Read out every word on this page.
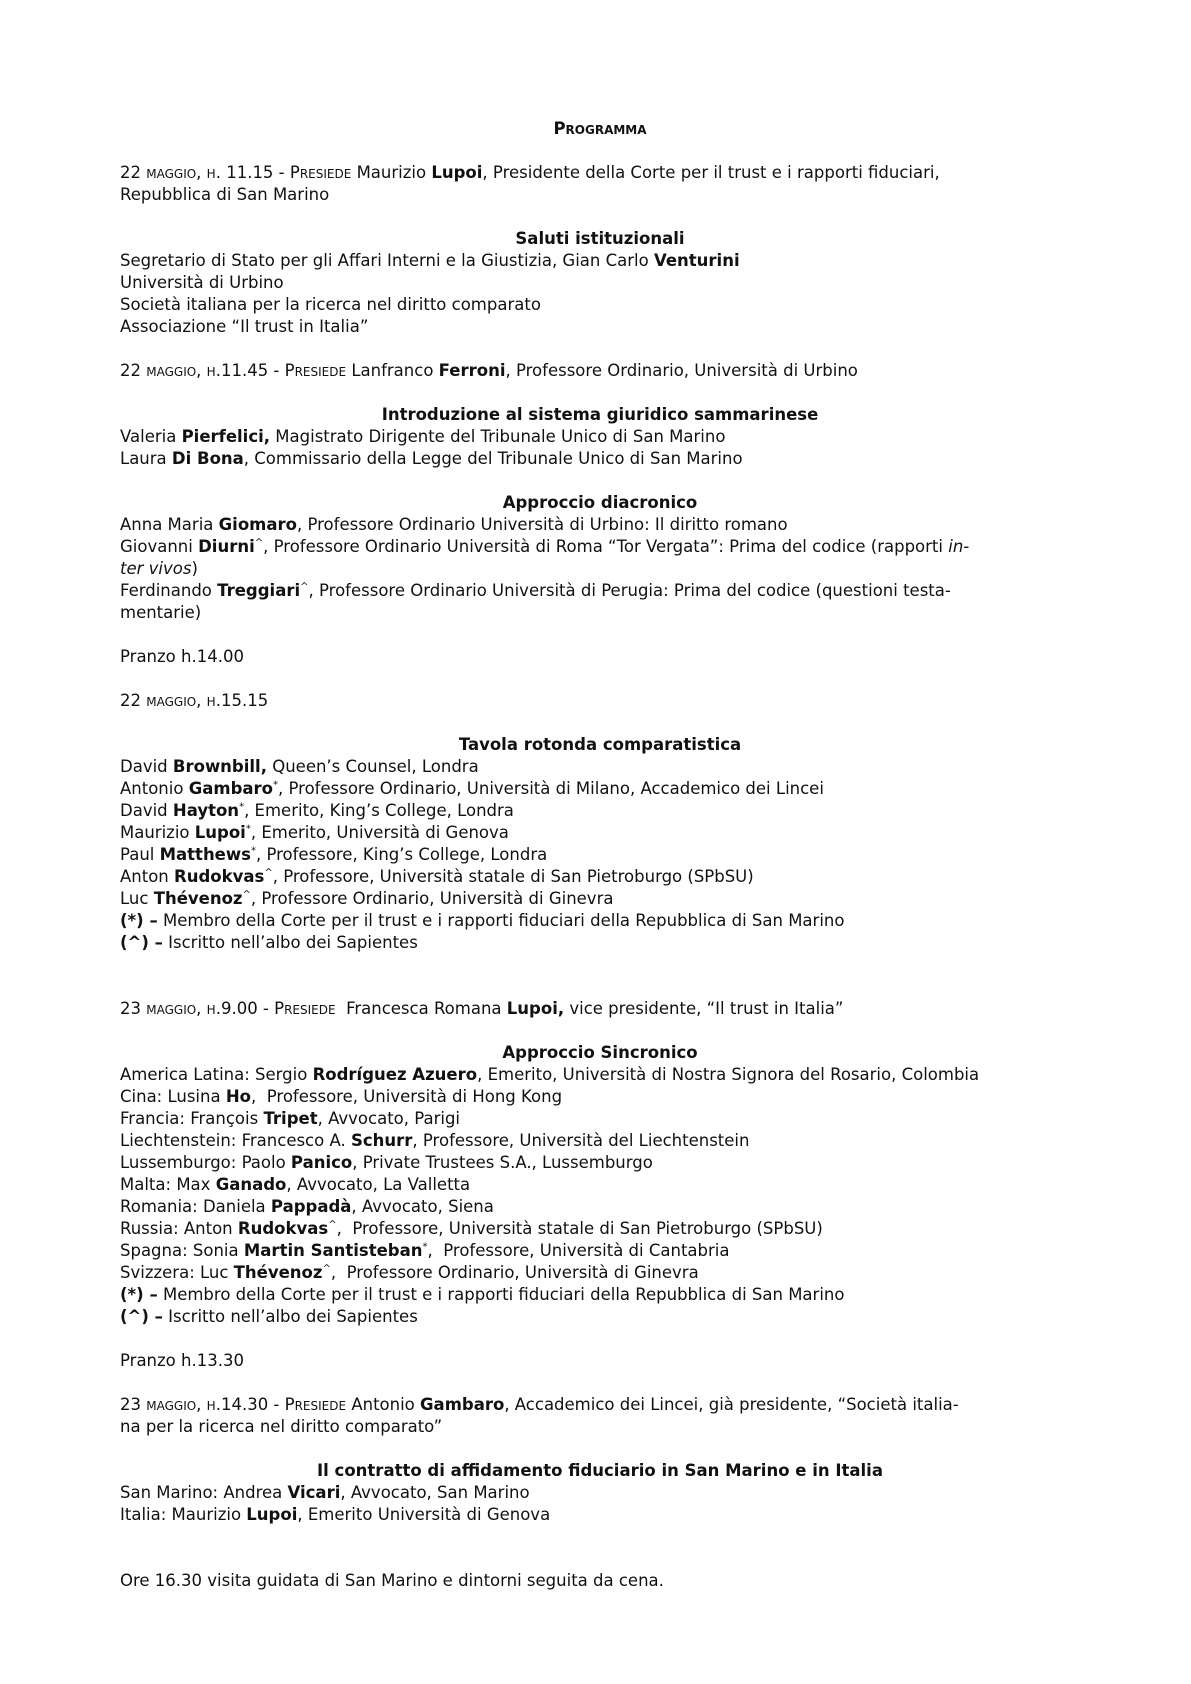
Programma
22 maggio, h. 11.15 - Presiede Maurizio Lupoi, Presidente della Corte per il trust e i rapporti fiduciari,
Repubblica di San Marino
Saluti istituzionali
Segretario di Stato per gli Affari Interni e la Giustizia, Gian Carlo Venturini
Università di Urbino
Società italiana per la ricerca nel diritto comparato
Associazione “Il trust in Italia”
22 maggio, h.11.45 - Presiede Lanfranco Ferroni, Professore Ordinario, Università di Urbino
Introduzione al sistema giuridico sammarinese
Valeria Pierfelici, Magistrato Dirigente del Tribunale Unico di San Marino
Laura Di Bona, Commissario della Legge del Tribunale Unico di San Marino
Approccio diacronico
Anna Maria Giomaro, Professore Ordinario Università di Urbino: Il diritto romano
Giovanni Diurni^, Professore Ordinario Università di Roma “Tor Vergata”: Prima del codice (rapporti in-
ter vivos)
Ferdinando Treggiari^, Professore Ordinario Università di Perugia: Prima del codice (questioni testa-
mentarie)
Pranzo h.14.00
22 maggio, h.15.15
Tavola rotonda comparatistica
David Brownbill, Queen’s Counsel, Londra
Antonio Gambaro*, Professore Ordinario, Università di Milano, Accademico dei Lincei
David Hayton*, Emerito, King’s College, Londra
Maurizio Lupoi*, Emerito, Università di Genova
Paul Matthews*, Professore, King’s College, Londra
Anton Rudokvas^, Professore, Università statale di San Pietroburgo (SPbSU)
Luc Thévenoz^, Professore Ordinario, Università di Ginevra
(*) – Membro della Corte per il trust e i rapporti fiduciari della Repubblica di San Marino
(^) – Iscritto nell’albo dei Sapientes
23 maggio, h.9.00 - Presiede  Francesca Romana Lupoi, vice presidente, “Il trust in Italia”
Approccio Sincronico
America Latina: Sergio Rodríguez Azuero, Emerito, Università di Nostra Signora del Rosario, Colombia
Cina: Lusina Ho,  Professore, Università di Hong Kong
Francia: François Tripet, Avvocato, Parigi
Liechtenstein: Francesco A. Schurr, Professore, Università del Liechtenstein
Lussemburgo: Paolo Panico, Private Trustees S.A., Lussemburgo
Malta: Max Ganado, Avvocato, La Valletta
Romania: Daniela Pappadà, Avvocato, Siena
Russia: Anton Rudokvas^,  Professore, Università statale di San Pietroburgo (SPbSU)
Spagna: Sonia Martin Santisteban*,  Professore, Università di Cantabria
Svizzera: Luc Thévenoz^,  Professore Ordinario, Università di Ginevra
(*) – Membro della Corte per il trust e i rapporti fiduciari della Repubblica di San Marino
(^) – Iscritto nell’albo dei Sapientes
Pranzo h.13.30
23 maggio, h.14.30 - Presiede Antonio Gambaro, Accademico dei Lincei, già presidente, “Società italia-
na per la ricerca nel diritto comparato”
Il contratto di affidamento fiduciario in San Marino e in Italia
San Marino: Andrea Vicari, Avvocato, San Marino
Italia: Maurizio Lupoi, Emerito Università di Genova
Ore 16.30 visita guidata di San Marino e dintorni seguita da cena.
